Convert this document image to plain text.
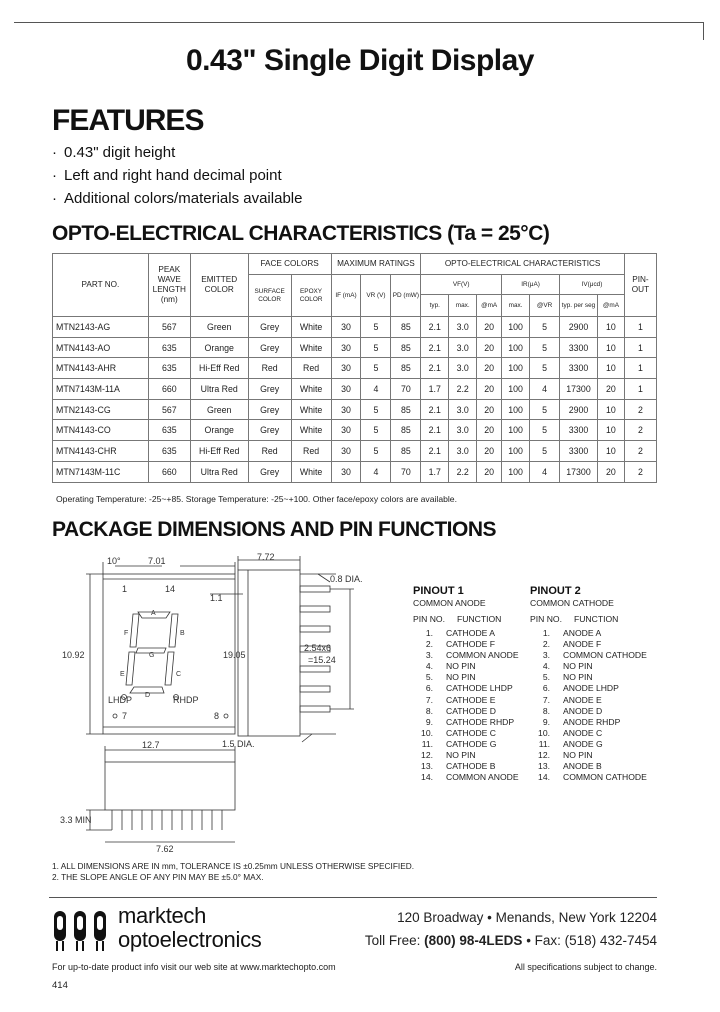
0.43" Single Digit Display
FEATURES
· 0.43" digit height
· Left and right hand decimal point
· Additional colors/materials available
OPTO-ELECTRICAL CHARACTERISTICS (Ta = 25°C)
PART NO.	PEAK WAVE LENGTH (nm)	EMITTED COLOR	FACE COLORS		MAXIMUM RATINGS			OPTO-ELECTRICAL CHARACTERISTICS							PIN- OUT
			SURFACE COLOR	EPOXY COLOR	IF (mA)	VR (V)	PD (mW)	VF(V)			IR(μA)		IV(μcd)		
								typ.	max.	@mA	max.	@VR	typ. per seg	@mA	
MTN2143-AG	567	Green	Grey	White	30	5	85	2.1	3.0	20	100	5	2900	10	1
MTN4143-AO	635	Orange	Grey	White	30	5	85	2.1	3.0	20	100	5	3300	10	1
MTN4143-AHR	635	Hi-Eff Red	Red	Red	30	5	85	2.1	3.0	20	100	5	3300	10	1
MTN7143M-11A	660	Ultra Red	Grey	White	30	4	70	1.7	2.2	20	100	4	17300	20	1
MTN2143-CG	567	Green	Grey	White	30	5	85	2.1	3.0	20	100	5	2900	10	2
MTN4143-CO	635	Orange	Grey	White	30	5	85	2.1	3.0	20	100	5	3300	10	2
MTN4143-CHR	635	Hi-Eff Red	Red	Red	30	5	85	2.1	3.0	20	100	5	3300	10	2
MTN7143M-11C	660	Ultra Red	Grey	White	30	4	70	1.7	2.2	20	100	4	17300	20	2
Operating Temperature: -25~+85. Storage Temperature: -25~+100. Other face/epoxy colors are available.
PACKAGE DIMENSIONS AND PIN FUNCTIONS
10°	7.01	7.72
0.8 DIA.
1	14
1.1
10.92	19.05
2.54x6
=15.24
LHDP	RHDP
7	8
A
B
C
D
E
F
G
12.7	1.5 DIA.
3.3 MIN
7.62
PINOUT 1
COMMON ANODE
PIN NO. FUNCTION
1. CATHODE A
2. CATHODE F
3. COMMON ANODE
4. NO PIN
5. NO PIN
6. CATHODE LHDP
7. CATHODE E
8. CATHODE D
9. CATHODE RHDP
10. CATHODE C
11. CATHODE G
12. NO PIN
13. CATHODE B
14. COMMON ANODE
PINOUT 2
COMMON CATHODE
PIN NO. FUNCTION
1. ANODE A
2. ANODE F
3. COMMON CATHODE
4. NO PIN
5. NO PIN
6. ANODE LHDP
7. ANODE E
8. ANODE D
9. ANODE RHDP
10. ANODE C
11. ANODE G
12. NO PIN
13. ANODE B
14. COMMON CATHODE
1. ALL DIMENSIONS ARE IN mm, TOLERANCE IS ±0.25mm UNLESS OTHERWISE SPECIFIED.
2. THE SLOPE ANGLE OF ANY PIN MAY BE ±5.0° MAX.
marktech
optoelectronics
120 Broadway • Menands, New York 12204
Toll Free: (800) 98-4LEDS • Fax: (518) 432-7454
For up-to-date product info visit our web site at www.marktechopto.com	All specifications subject to change.
414
